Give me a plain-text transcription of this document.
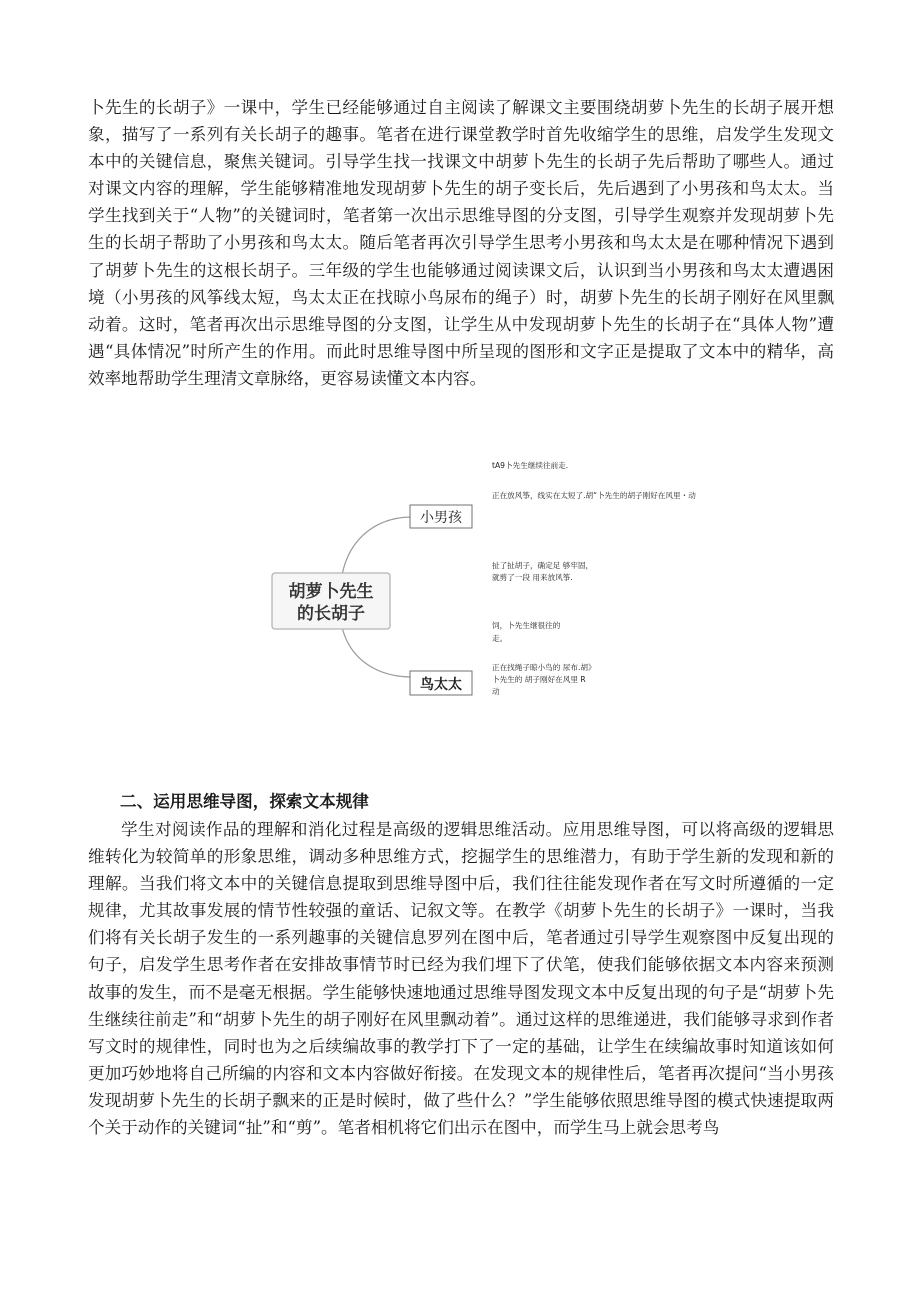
卜先生的长胡子》一课中，学生已经能够通过自主阅读了解课文主要围绕胡萝卜先生的长胡子展开想象，描写了一系列有关长胡子的趣事。笔者在进行课堂教学时首先收缩学生的思维，启发学生发现文本中的关键信息，聚焦关键词。引导学生找一找课文中胡萝卜先生的长胡子先后帮助了哪些人。通过对课文内容的理解，学生能够精准地发现胡萝卜先生的胡子变长后，先后遇到了小男孩和鸟太太。当学生找到关于“人物”的关键词时，笔者第一次出示思维导图的分支图，引导学生观察并发现胡萝卜先生的长胡子帮助了小男孩和鸟太太。随后笔者再次引导学生思考小男孩和鸟太太是在哪种情况下遇到了胡萝卜先生的这根长胡子。三年级的学生也能够通过阅读课文后，认识到当小男孩和鸟太太遭遇困境（小男孩的风筝线太短，鸟太太正在找晾小鸟尿布的绳子）时，胡萝卜先生的长胡子刚好在风里飘动着。这时，笔者再次出示思维导图的分支图，让学生从中发现胡萝卜先生的长胡子在“具体人物”遭遇“具体情况”时所产生的作用。而此时思维导图中所呈现的图形和文字正是提取了文本中的精华，高效率地帮助学生理清文章脉络，更容易读懂文本内容。

胡萝卜先生
的长胡子
小男孩
鸟太太
tA9卜先生继续往前走.
正在放风筝，线实在太短了.胡“卜先生的胡子刚好在风里・动
扯了扯胡子，确定足 够牢固，
就剪了一段 用来放风筝.
饲，卜先生继很往的
走。
正在找绳子晾小鸟的 尿布.胡》
卜先生的 胡子刚好在风里 R
动
二、运用思维导图，探索文本规律

学生对阅读作品的理解和消化过程是高级的逻辑思维活动。应用思维导图，可以将高级的逻辑思维转化为较简单的形象思维，调动多种思维方式，挖掘学生的思维潜力，有助于学生新的发现和新的理解。当我们将文本中的关键信息提取到思维导图中后，我们往往能发现作者在写文时所遵循的一定规律，尤其故事发展的情节性较强的童话、记叙文等。在教学《胡萝卜先生的长胡子》一课时，当我们将有关长胡子发生的一系列趣事的关键信息罗列在图中后，笔者通过引导学生观察图中反复出现的句子，启发学生思考作者在安排故事情节时已经为我们埋下了伏笔，使我们能够依据文本内容来预测故事的发生，而不是毫无根据。学生能够快速地通过思维导图发现文本中反复出现的句子是“胡萝卜先生继续往前走”和“胡萝卜先生的胡子刚好在风里飘动着”。通过这样的思维递进，我们能够寻求到作者写文时的规律性，同时也为之后续编故事的教学打下了一定的基础，让学生在续编故事时知道该如何更加巧妙地将自己所编的内容和文本内容做好衔接。在发现文本的规律性后，笔者再次提问“当小男孩发现胡萝卜先生的长胡子飘来的正是时候时，做了些什么？”学生能够依照思维导图的模式快速提取两个关于动作的关键词“扯”和“剪”。笔者相机将它们出示在图中，而学生马上就会思考鸟
